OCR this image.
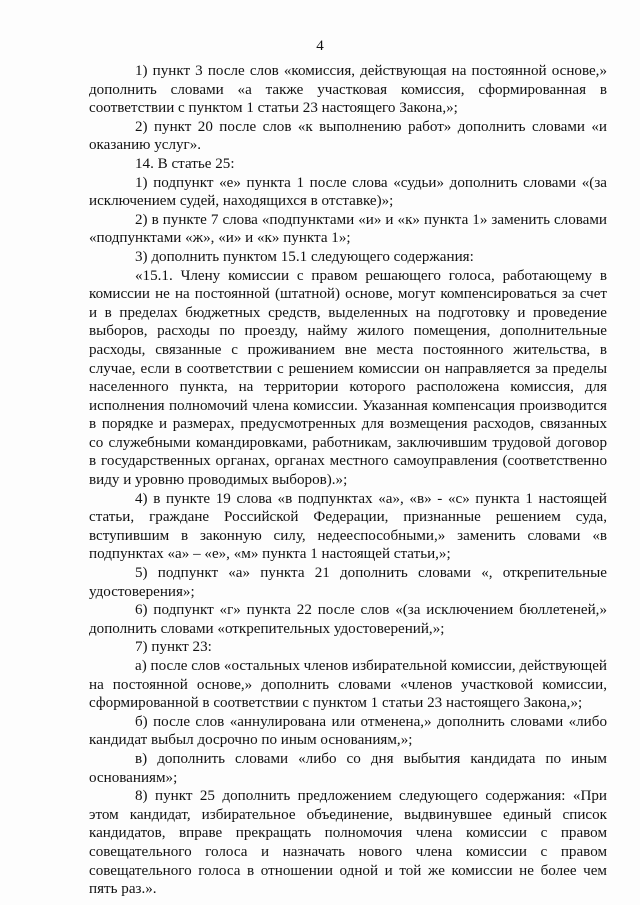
4

1) пункт 3 после слов «комиссия, действующая на постоянной основе,» дополнить словами «а также участковая комиссия, сформированная в соответствии с пунктом 1 статьи 23 настоящего Закона,»;

2) пункт 20 после слов «к выполнению работ» дополнить словами «и оказанию услуг».

14. В статье 25:

1) подпункт «е» пункта 1 после слова «судьи» дополнить словами «(за исключением судей, находящихся в отставке)»;

2) в пункте 7 слова «подпунктами «и» и «к» пункта 1» заменить словами «подпунктами «ж», «и» и «к» пункта 1»;

3) дополнить пунктом 15.1 следующего содержания:

«15.1. Члену комиссии с правом решающего голоса, работающему в комиссии не на постоянной (штатной) основе, могут компенсироваться за счет и в пределах бюджетных средств, выделенных на подготовку и проведение выборов, расходы по проезду, найму жилого помещения, дополнительные расходы, связанные с проживанием вне места постоянного жительства, в случае, если в соответствии с решением комиссии он направляется за пределы населенного пункта, на территории которого расположена комиссия, для исполнения полномочий члена комиссии. Указанная компенсация производится в порядке и размерах, предусмотренных для возмещения расходов, связанных со служебными командировками, работникам, заключившим трудовой договор в государственных органах, органах местного самоуправления (соответственно виду и уровню проводимых выборов).»;

4) в пункте 19 слова «в подпунктах «а», «в» - «с» пункта 1 настоящей статьи, граждане Российской Федерации, признанные решением суда, вступившим в законную силу, недееспособными,» заменить словами «в подпунктах «а» – «е», «м» пункта 1 настоящей статьи,»;

5) подпункт «а» пункта 21 дополнить словами «, открепительные удостоверения»;

6) подпункт «г» пункта 22 после слов «(за исключением бюллетеней,» дополнить словами «открепительных удостоверений,»;

7) пункт 23:

а) после слов «остальных членов избирательной комиссии, действующей на постоянной основе,» дополнить словами «членов участковой комиссии, сформированной в соответствии с пунктом 1 статьи 23 настоящего Закона,»;

б) после слов «аннулирована или отменена,» дополнить словами «либо кандидат выбыл досрочно по иным основаниям,»;

в) дополнить словами «либо со дня выбытия кандидата по иным основаниям»;

8) пункт 25 дополнить предложением следующего содержания: «При этом кандидат, избирательное объединение, выдвинувшее единый список кандидатов, вправе прекращать полномочия члена комиссии с правом совещательного голоса и назначать нового члена комиссии с правом совещательного голоса в отношении одной и той же комиссии не более чем пять раз.».
